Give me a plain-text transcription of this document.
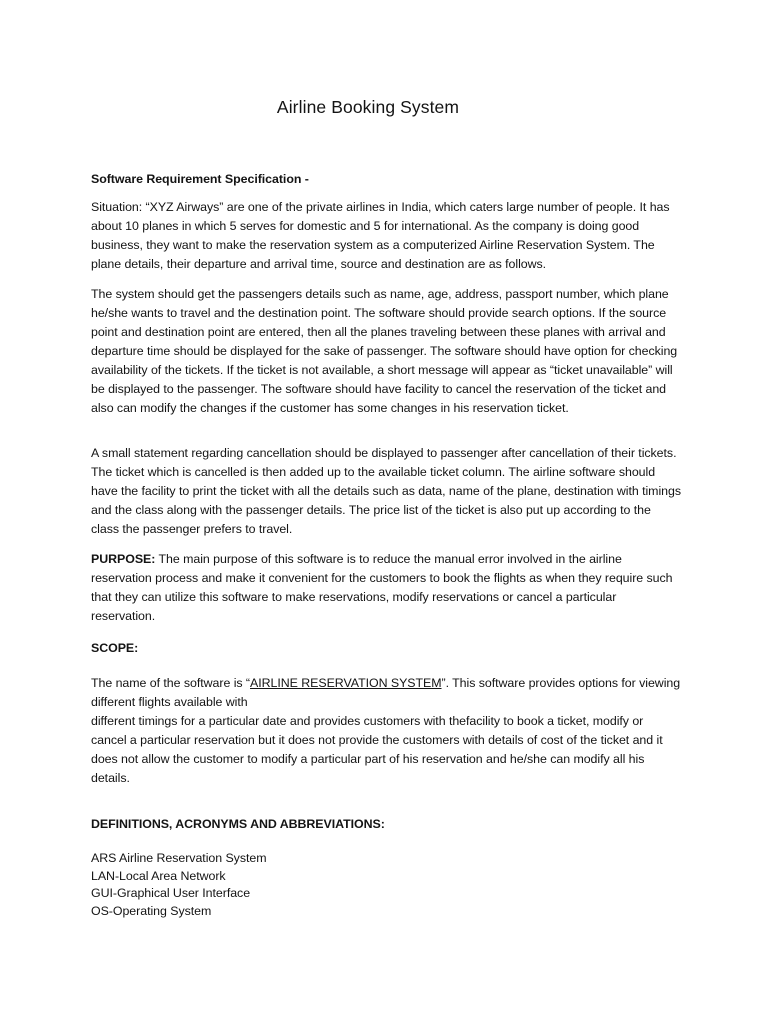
Airline Booking System

Software Requirement Specification -

Situation: “XYZ Airways” are one of the private airlines in India, which caters large number of people. It has about 10 planes in which 5 serves for domestic and 5 for international. As the company is doing good business, they want to make the reservation system as a computerized Airline Reservation System. The plane details, their departure and arrival time, source and destination are as follows.

The system should get the passengers details such as name, age, address, passport number, which plane he/she wants to travel and the destination point. The software should provide search options. If the source point and destination point are entered, then all the planes traveling between these planes with arrival and departure time should be displayed for the sake of passenger. The software should have option for checking availability of the tickets. If the ticket is not available, a short message will appear as “ticket unavailable” will be displayed to the passenger. The software should have facility to cancel the reservation of the ticket and also can modify the changes if the customer has some changes in his reservation ticket.

A small statement regarding cancellation should be displayed to passenger after cancellation of their tickets. The ticket which is cancelled is then added up to the available ticket column. The airline software should have the facility to print the ticket with all the details such as data, name of the plane, destination with timings and the class along with the passenger details. The price list of the ticket is also put up according to the class the passenger prefers to travel.

PURPOSE: The main purpose of this software is to reduce the manual error involved in the airline reservation process and make it convenient for the customers to book the flights as when they require such that they can utilize this software to make reservations, modify reservations or cancel a particular reservation.

SCOPE:

The name of the software is “AIRLINE RESERVATION SYSTEM”. This software provides options for viewing different flights available with
different timings for a particular date and provides customers with thefacility to book a ticket, modify or cancel a particular reservation but it does not provide the customers with details of cost of the ticket and it does not allow the customer to modify a particular part of his reservation and he/she can modify all his details.

DEFINITIONS, ACRONYMS AND ABBREVIATIONS:

ARS Airline Reservation System
LAN-Local Area Network
GUI-Graphical User Interface
OS-Operating System
